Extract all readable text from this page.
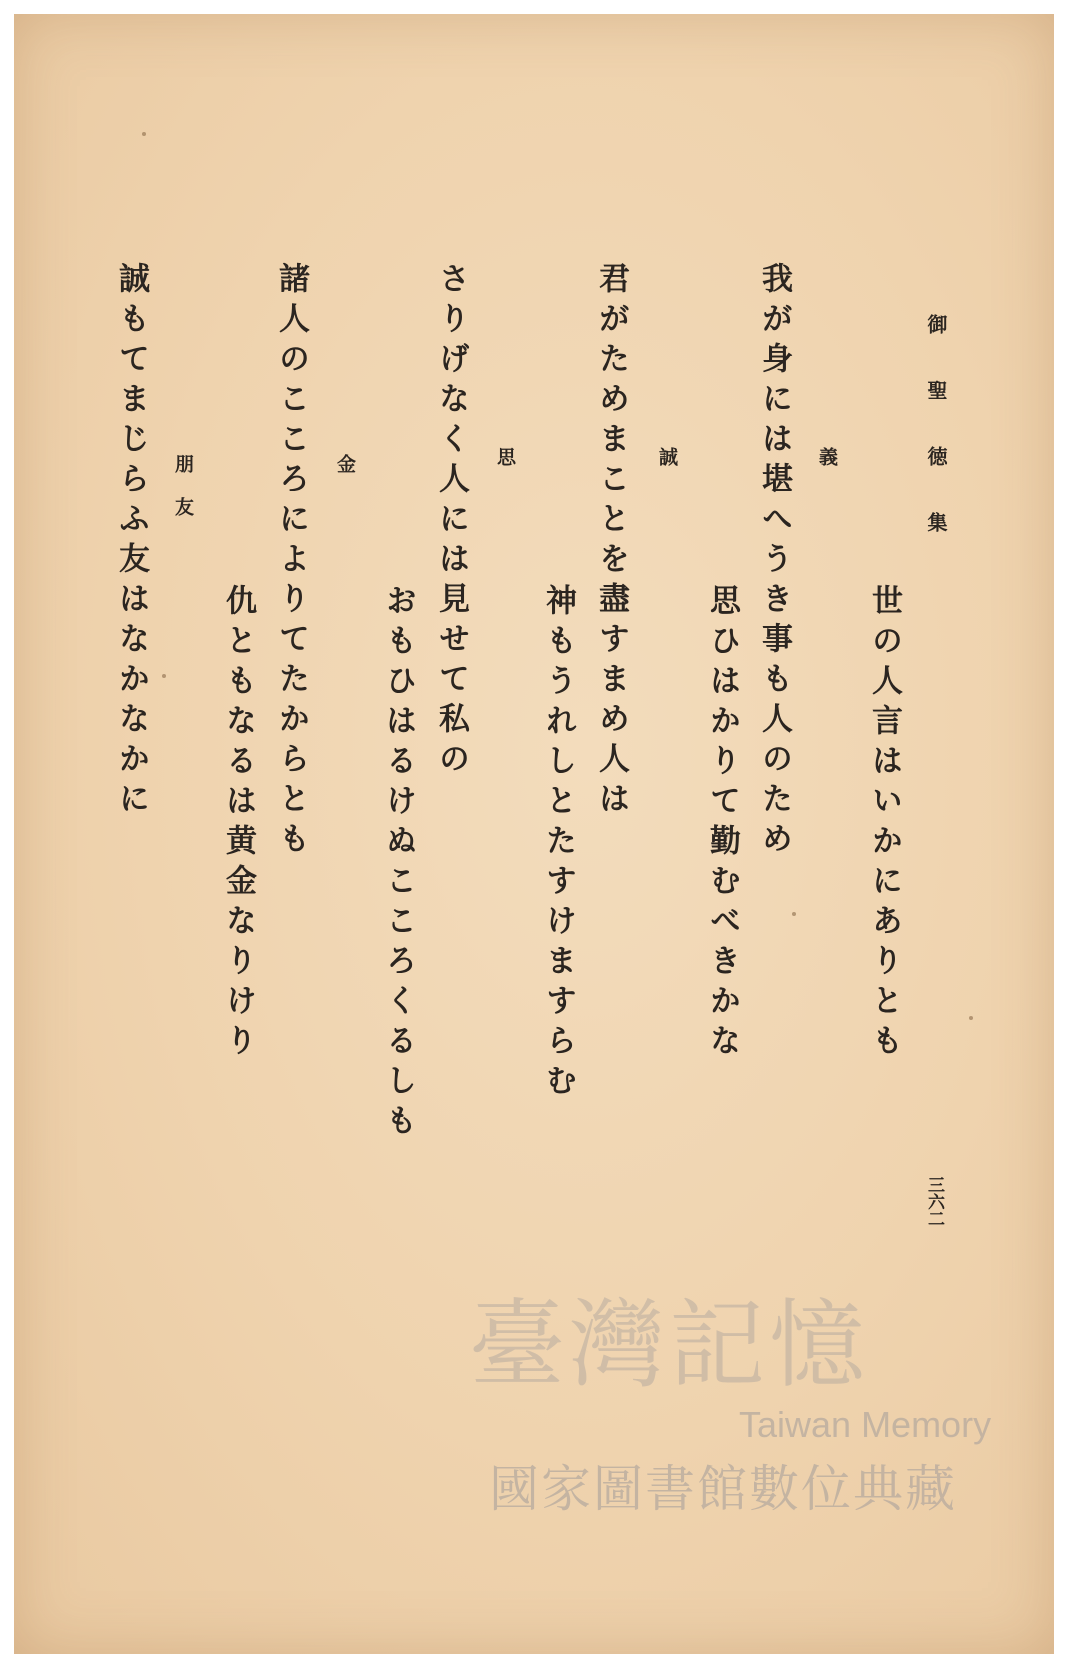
御聖徳集
世の人言はいかにありとも
義
我が身には堪へうき事も人のため
思ひはかりて勤むべきかな
誠
君がためまことを盡すまめ人は
神もうれしとたすけますらむ
思
さりげなく人には見せて私の
おもひはるけぬこころくるしも
金
諸人のこころによりてたからとも
仇ともなるは黄金なりけり
朋友
誠もてまじらふ友はなかなかに
三六二
臺灣記憶
Taiwan Memory
國家圖書館數位典藏
